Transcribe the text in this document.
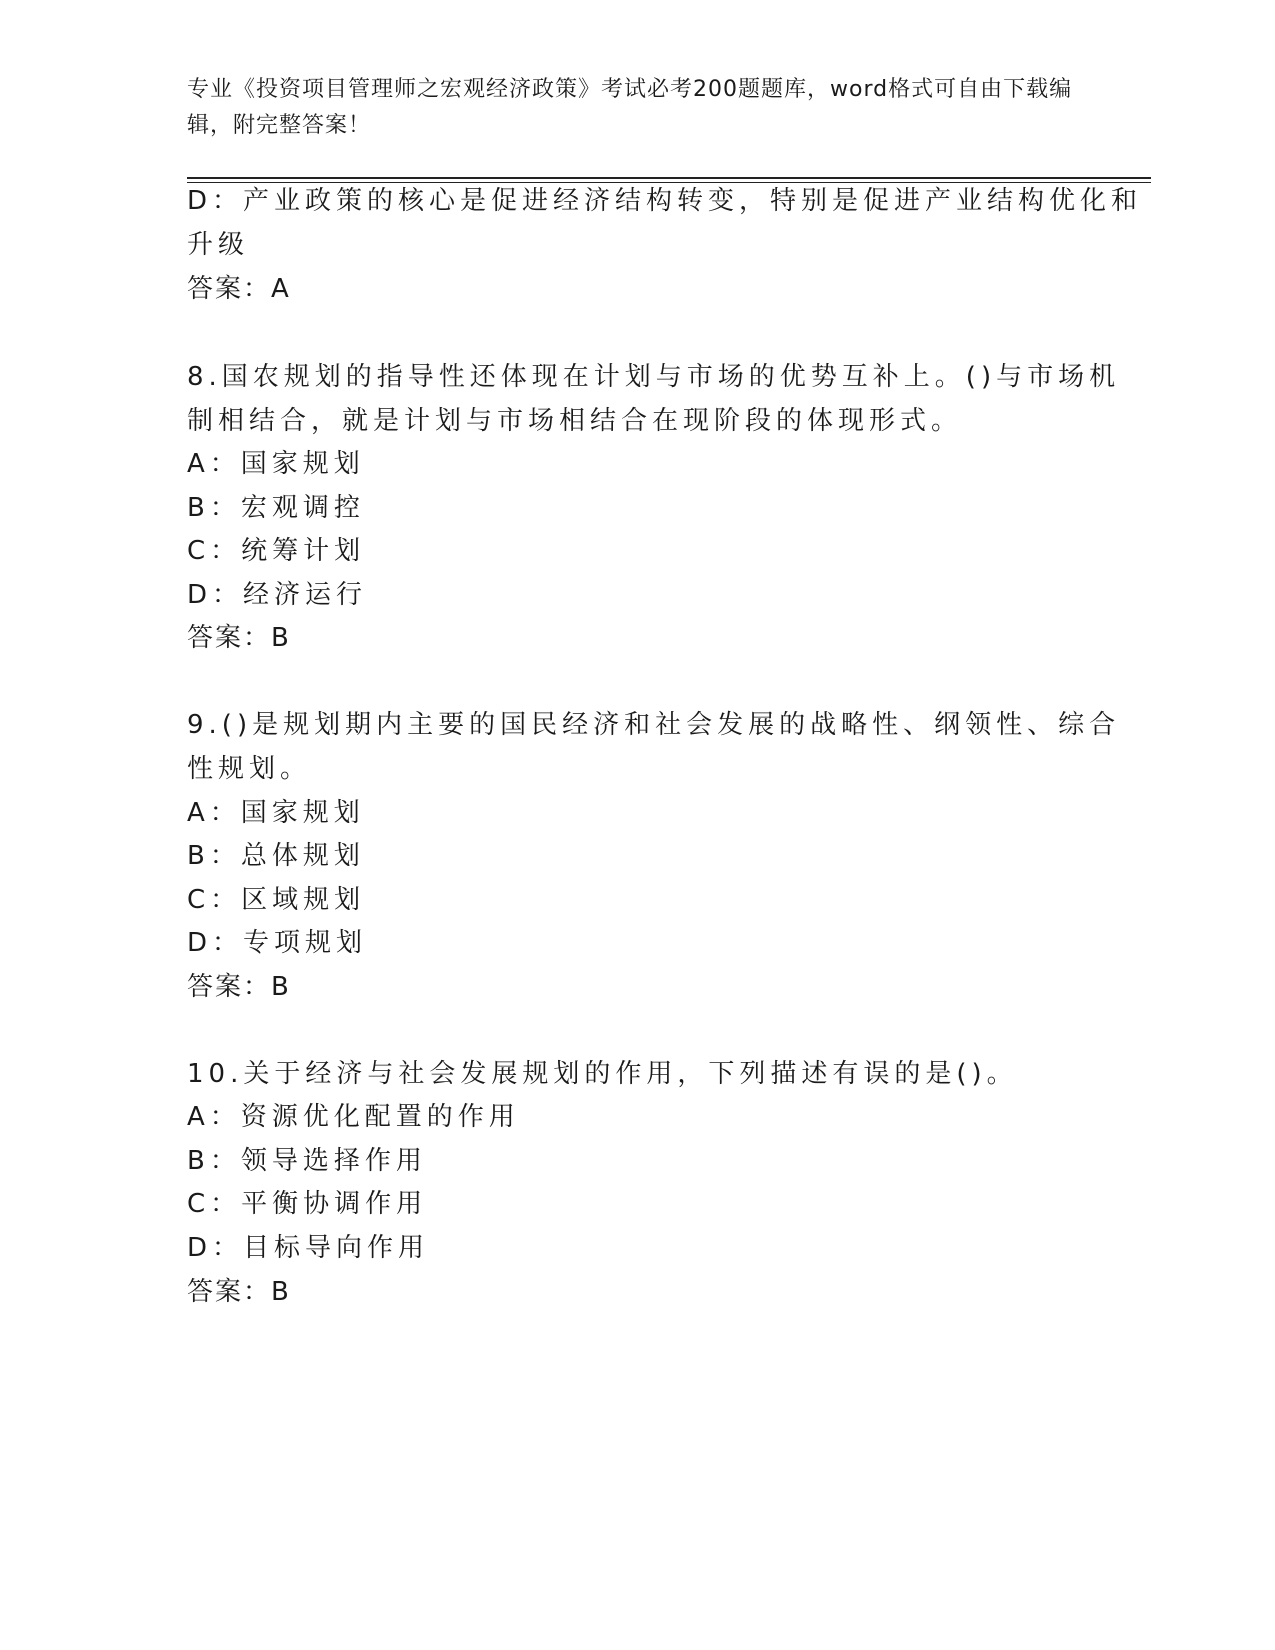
专业《投资项目管理师之宏观经济政策》考试必考200题题库，word格式可自由下载编辑，附完整答案！
D：产业政策的核心是促进经济结构转变，特别是促进产业结构优化和
升级
答案：A
8.国农规划的指导性还体现在计划与市场的优势互补上。()与市场机
制相结合，就是计划与市场相结合在现阶段的体现形式。
A：国家规划
B：宏观调控
C：统筹计划
D：经济运行
答案：B
9.()是规划期内主要的国民经济和社会发展的战略性、纲领性、综合
性规划。
A：国家规划
B：总体规划
C：区域规划
D：专项规划
答案：B
10.关于经济与社会发展规划的作用，下列描述有误的是()。
A：资源优化配置的作用
B：领导选择作用
C：平衡协调作用
D：目标导向作用
答案：B
